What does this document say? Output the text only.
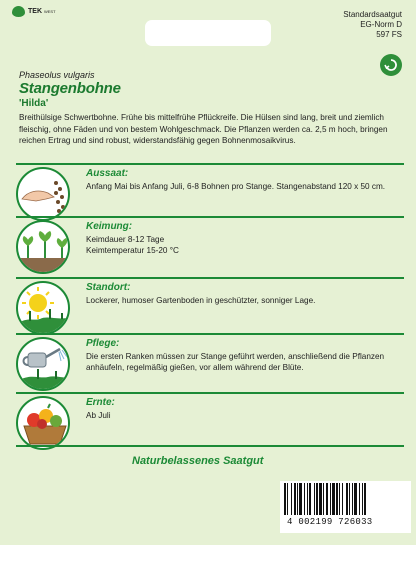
TEK WEST	Standardsaatgut
EG-Norm D
597 FS
Phaseolus vulgaris
Stangenbohne
'Hilda'
Breithülsige Schwertbohne. Frühe bis mittelfrühe Pflückreife. Die Hülsen sind lang, breit und ziemlich fleischig, ohne Fäden und von bestem Wohlgeschmack. Die Pflanzen werden ca. 2,5 m hoch, bringen reichen Ertrag und sind robust, widerstandsfähig gegen Bohnenmosaikvirus.
Aussaat:
Anfang Mai bis Anfang Juli, 6-8 Bohnen pro Stange. Stangenabstand 120 x 50 cm.
Keimung:
Keimdauer 8-12 Tage
Keimtemperatur 15-20 °C
Standort:
Lockerer, humoser Gartenboden in geschützter, sonniger Lage.
Pflege:
Die ersten Ranken müssen zur Stange geführt werden, anschließend die Pflanzen anhäufeln, regelmäßig gießen, vor allem während der Blüte.
Ernte:
Ab Juli
Naturbelassenes Saatgut
4 002199 726033
